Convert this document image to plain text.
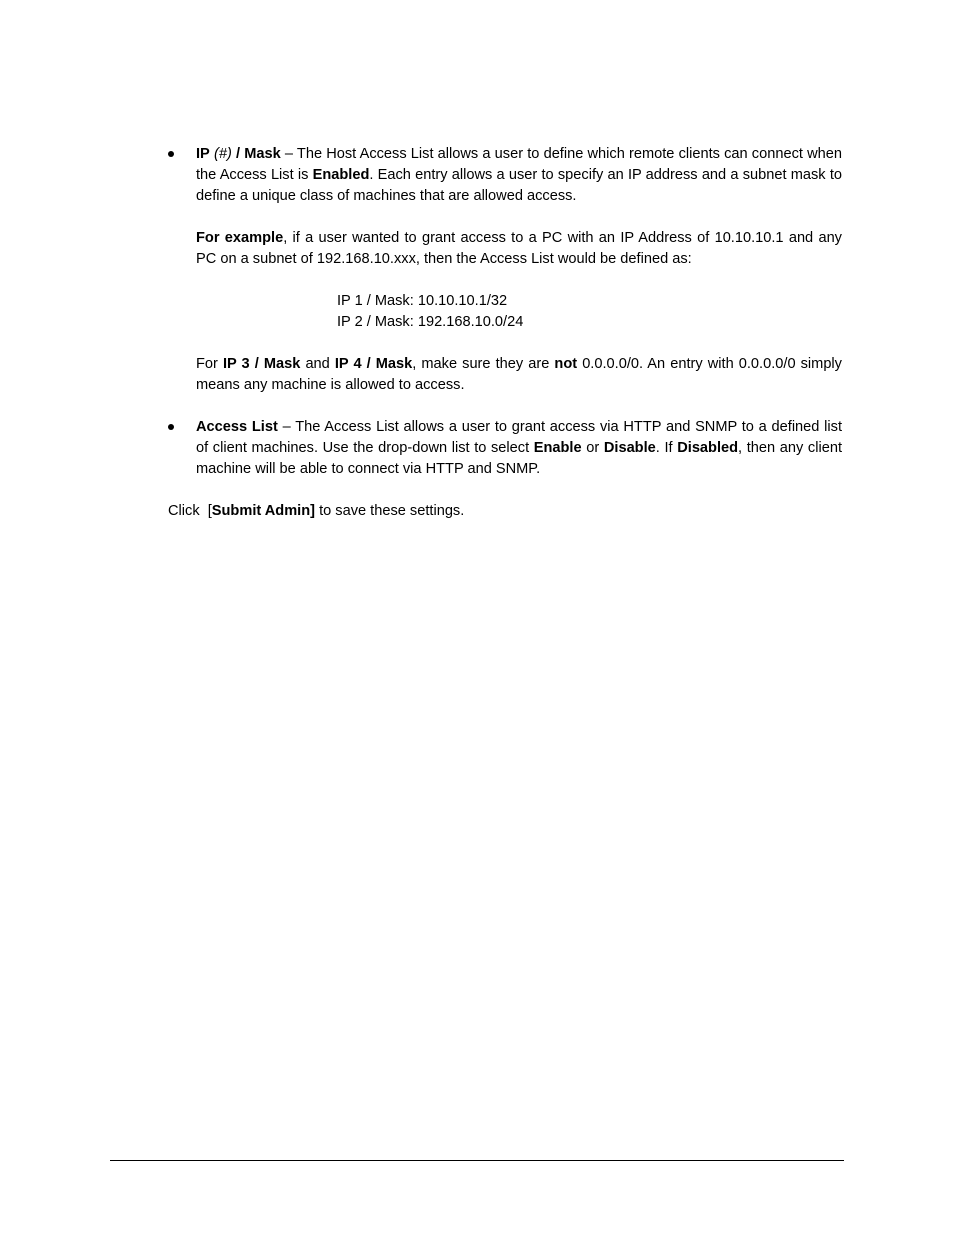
IP (#) / Mask – The Host Access List allows a user to define which remote clients can connect when the Access List is Enabled. Each entry allows a user to specify an IP address and a subnet mask to define a unique class of machines that are allowed access.

For example, if a user wanted to grant access to a PC with an IP Address of 10.10.10.1 and any PC on a subnet of 192.168.10.xxx, then the Access List would be defined as:

IP 1 / Mask: 10.10.10.1/32

IP 2 / Mask: 192.168.10.0/24

For IP 3 / Mask and IP 4 / Mask, make sure they are not 0.0.0.0/0. An entry with 0.0.0.0/0 simply means any machine is allowed to access.

Access List – The Access List allows a user to grant access via HTTP and SNMP to a defined list of client machines. Use the drop-down list to select Enable or Disable. If Disabled, then any client machine will be able to connect via HTTP and SNMP.

Click  [Submit Admin] to save these settings.
